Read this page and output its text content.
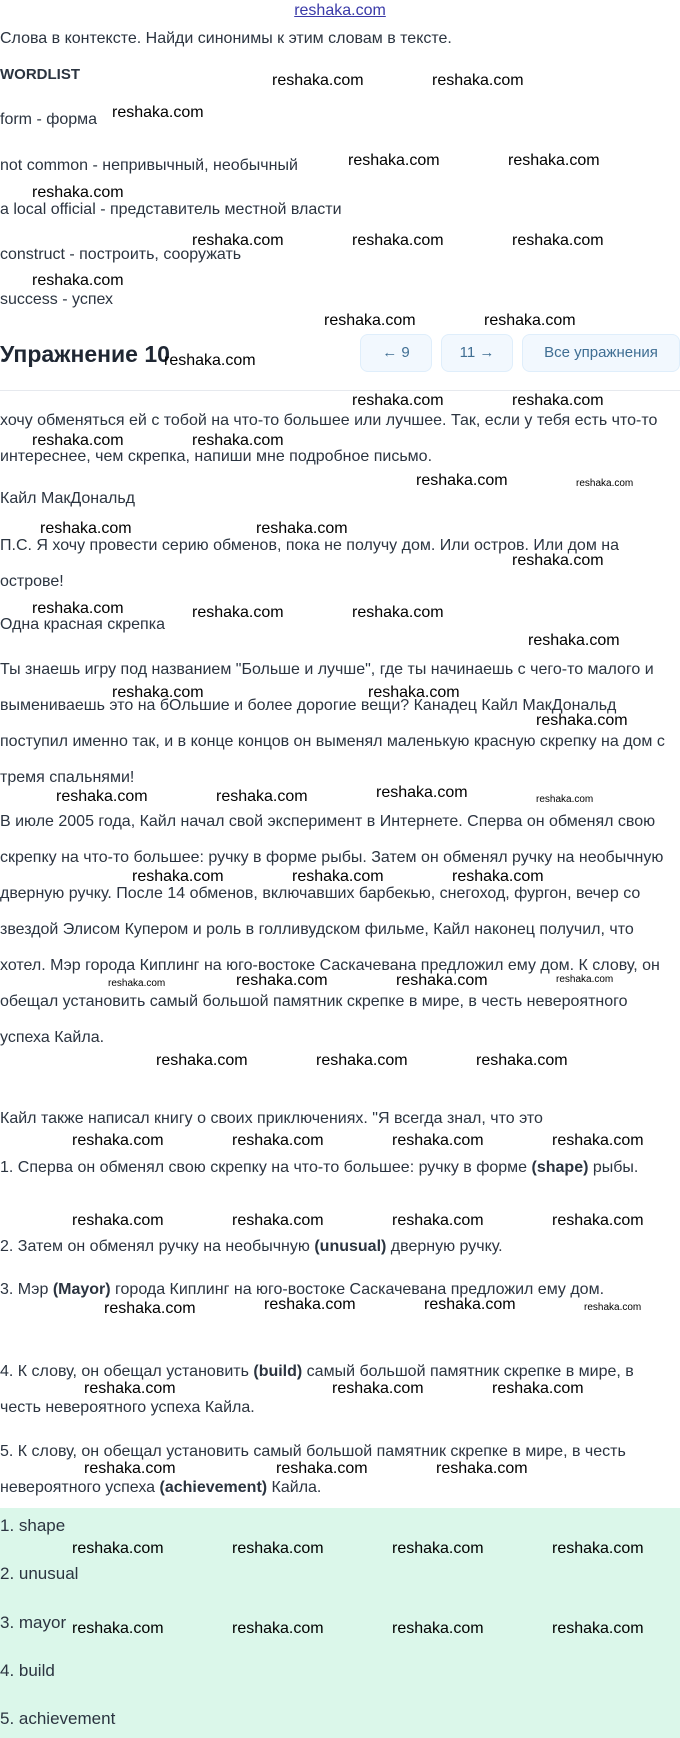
reshaka.com
Слова в контексте. Найди синонимы к этим словам в тексте.
WORDLIST
form - форма
not common - непривычный, необычный
a local official - представитель местной власти
construct - построить, сооружать
success - успех
хочу обменяться ей с тобой на что-то большее или лучшее. Так, если у тебя есть что-то интереснее, чем скрепка, напиши мне подробное письмо.
Кайл МакДональд
П.С. Я хочу провести серию обменов, пока не получу дом. Или остров. Или дом на острове!
Одна красная скрепка
Ты знаешь игру под названием "Больше и лучше", где ты начинаешь с чего-то малого и вымениваешь это на бОльшие и более дорогие вещи? Канадец Кайл МакДональд поступил именно так, и в конце концов он выменял маленькую красную скрепку на дом с тремя спальнями!
В июле 2005 года, Кайл начал свой эксперимент в Интернете. Сперва он обменял свою скрепку на что-то большее: ручку в форме рыбы. Затем он обменял ручку на необычную дверную ручку. После 14 обменов, включавших барбекью, снегоход, фургон, вечер со звездой Элисом Купером и роль в голливудском фильме, Кайл наконец получил, что хотел. Мэр города Киплинг на юго-востоке Саскачевана предложил ему дом. К слову, он обещал установить самый большой памятник скрепке в мире, в честь невероятного успеха Кайла.
Кайл также написал книгу о своих приключениях. "Я всегда знал, что это
Упражнение 10	← 9	11 →	Все упражнения
1. Сперва он обменял свою скрепку на что-то большее: ручку в форме (shape) рыбы.
2. Затем он обменял ручку на необычную (unusual) дверную ручку.
3. Мэр (Mayor) города Киплинг на юго-востоке Саскачевана предложил ему дом.
4. К слову, он обещал установить (build) самый большой памятник скрепке в мире, в честь невероятного успеха Кайла.
5. К слову, он обещал установить самый большой памятник скрепке в мире, в честь невероятного успеха (achievement) Кайла.
1. shape
2. unusual
3. mayor
4. build
5. achievement
reshaka.com	reshaka.com
reshaka.com
reshaka.com	reshaka.com
reshaka.com
reshaka.com	reshaka.com	reshaka.com
reshaka.com
reshaka.com	reshaka.com
reshaka.com
reshaka.com	reshaka.com
reshaka.com	reshaka.com
reshaka.com	reshaka.com
reshaka.com	reshaka.com
reshaka.com
reshaka.com	reshaka.com	reshaka.com
reshaka.com
reshaka.com	reshaka.com
reshaka.com
reshaka.com	reshaka.com	reshaka.com	reshaka.com
reshaka.com	reshaka.com	reshaka.com
reshaka.com	reshaka.com	reshaka.com	reshaka.com
reshaka.com	reshaka.com	reshaka.com
reshaka.com	reshaka.com	reshaka.com	reshaka.com
reshaka.com	reshaka.com	reshaka.com	reshaka.com
reshaka.com	reshaka.com	reshaka.com	reshaka.com
reshaka.com	reshaka.com	reshaka.com
reshaka.com	reshaka.com	reshaka.com
reshaka.com	reshaka.com	reshaka.com	reshaka.com
reshaka.com	reshaka.com	reshaka.com	reshaka.com
